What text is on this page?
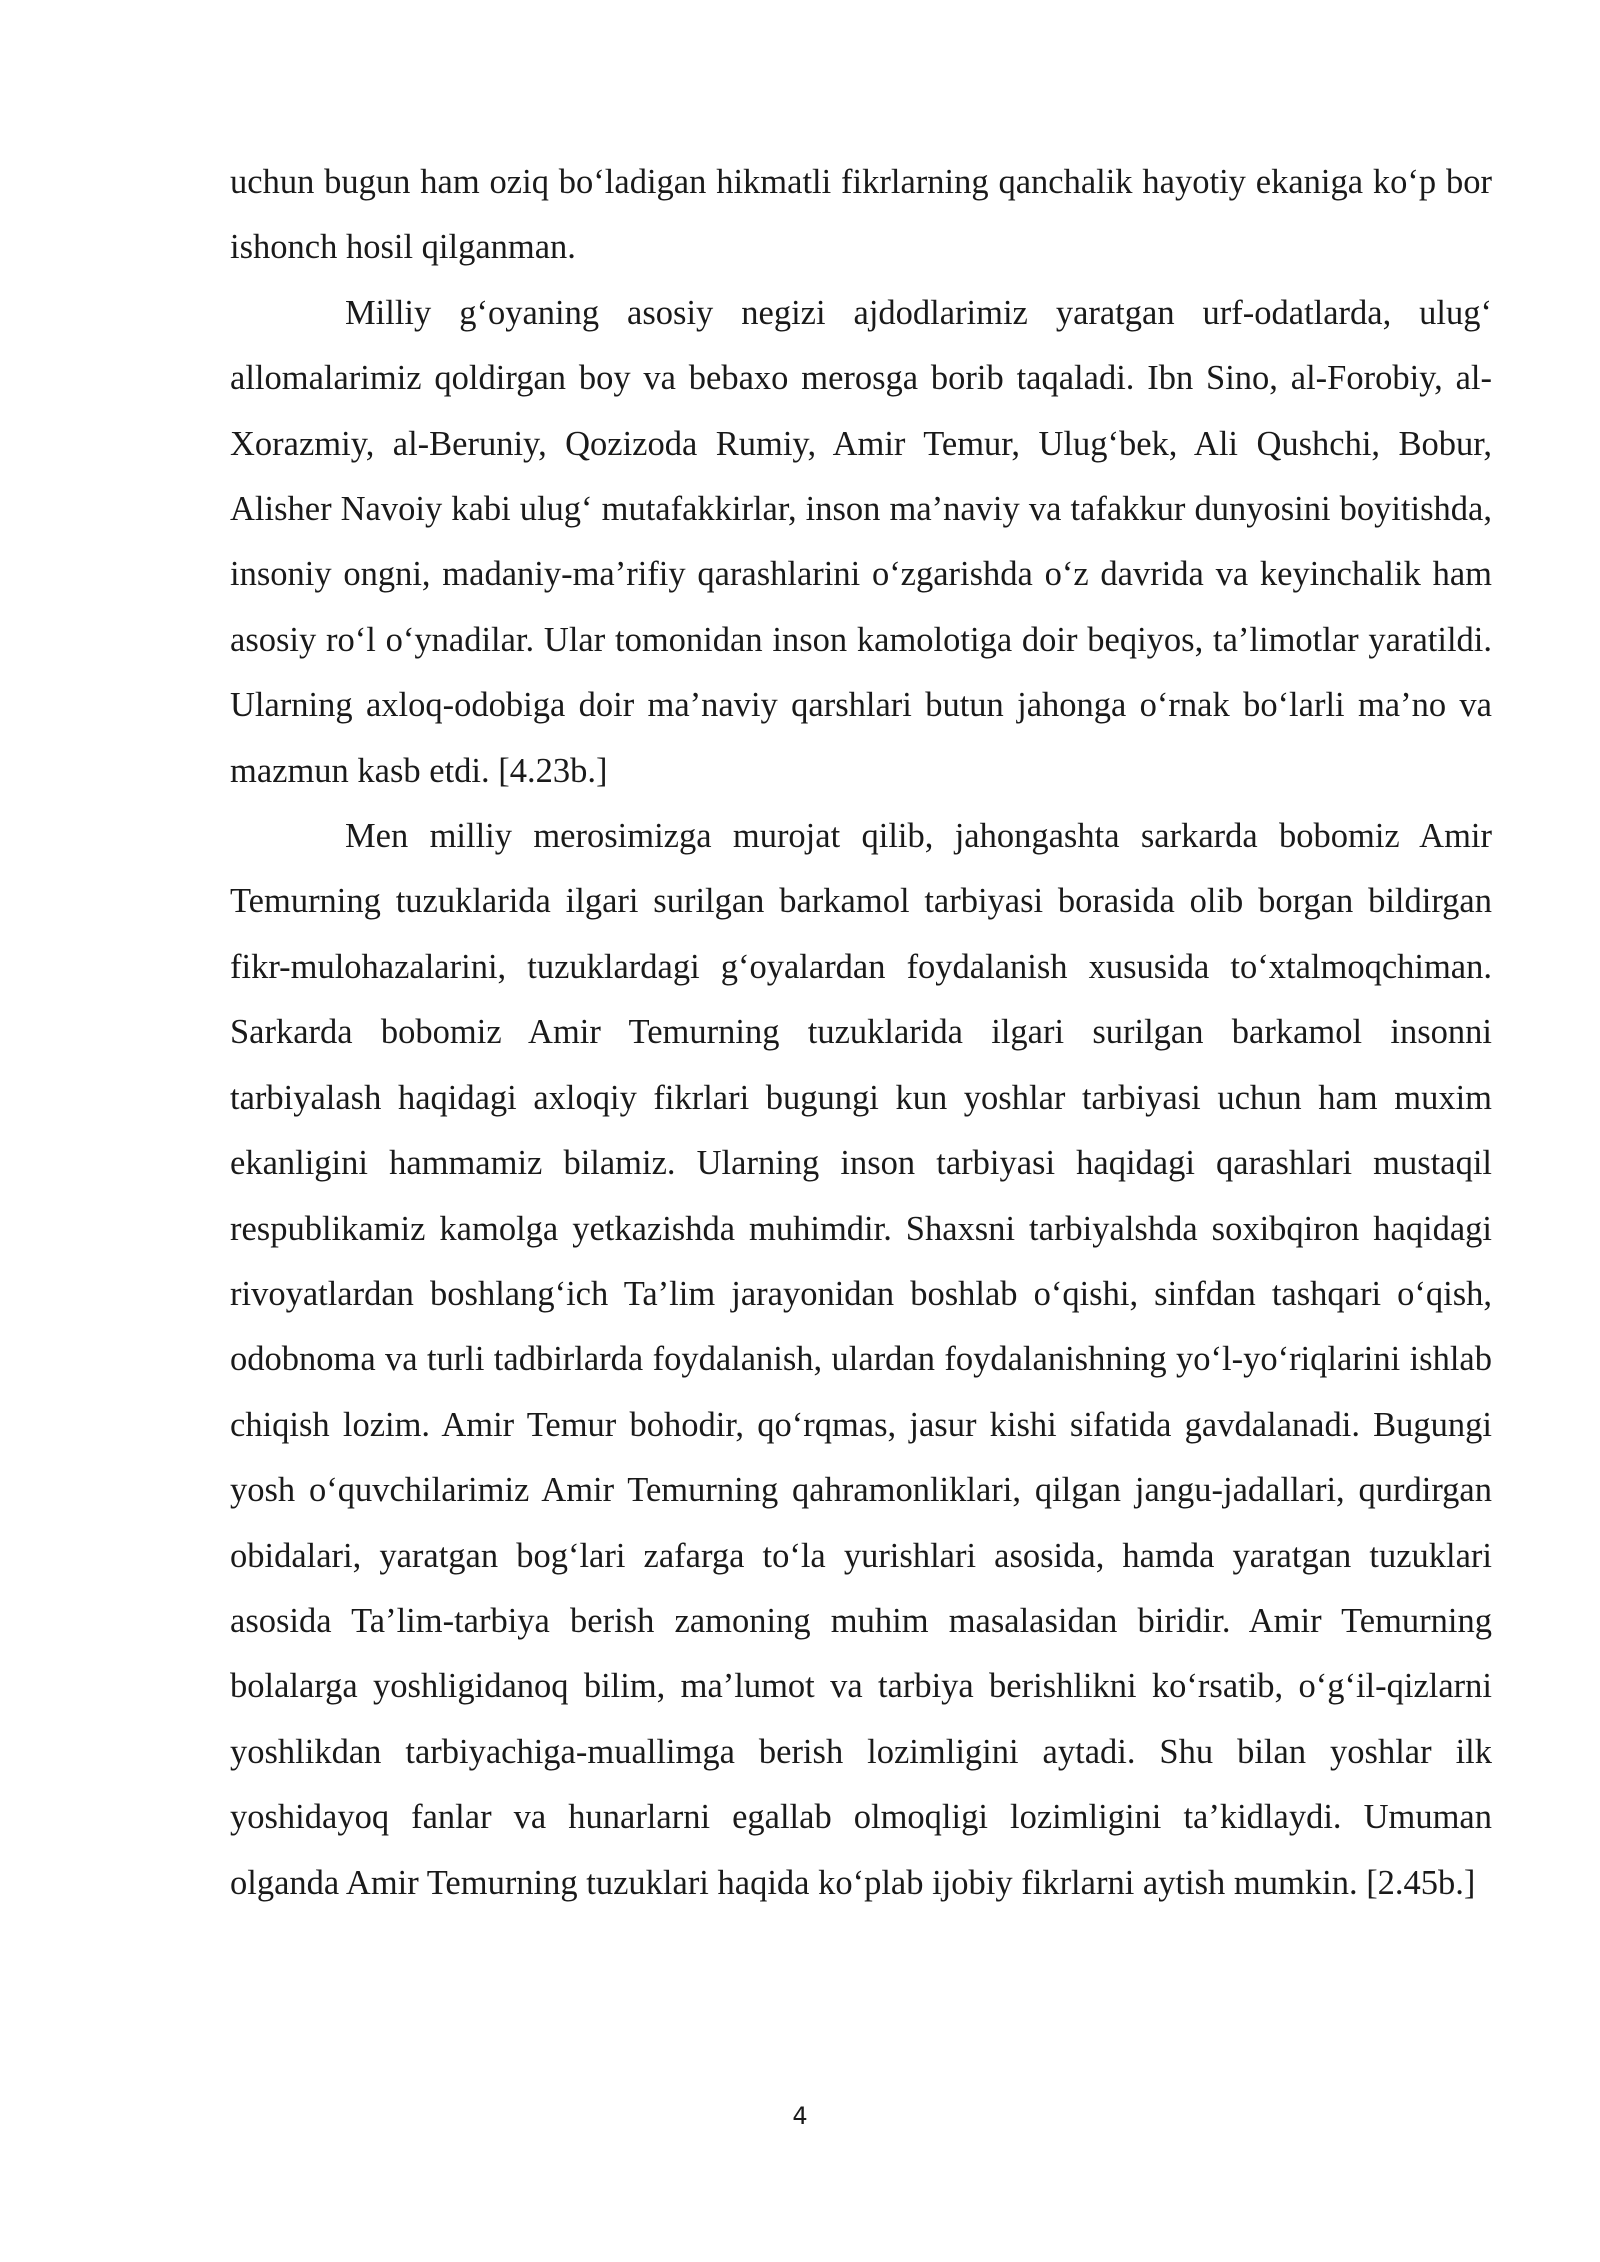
uchun bugun ham oziq bo‘ladigan hikmatli fikrlarning qanchalik hayotiy ekaniga ko‘p bor ishonch hosil qilganman.

Milliy g‘oyaning asosiy negizi ajdodlarimiz yaratgan urf-odatlarda, ulug‘ allomalarimiz qoldirgan boy va bebaxo merosga borib taqaladi. Ibn Sino, al-Forobiy, al-Xorazmiy, al-Beruniy, Qozizoda Rumiy, Amir Temur, Ulug‘bek, Ali Qushchi, Bobur, Alisher Navoiy kabi ulug‘ mutafakkirlar, inson ma’naviy va tafakkur dunyosini boyitishda, insoniy ongni, madaniy-ma’rifiy qarashlarini o‘zgarishda o‘z davrida va keyinchalik ham asosiy ro‘l o‘ynadilar. Ular tomonidan inson kamolotiga doir beqiyos, ta’limotlar yaratildi. Ularning axloq-odobiga doir ma’naviy qarshlari butun jahonga o‘rnak bo‘larli ma’no va mazmun kasb etdi. [4.23b.]

Men milliy merosimizga murojat qilib, jahongashta sarkarda bobomiz Amir Temurning tuzuklarida ilgari surilgan barkamol tarbiyasi borasida olib borgan bildirgan fikr-mulohazalarini, tuzuklardagi g‘oyalardan foydalanish xususida to‘xtalmoqchiman. Sarkarda bobomiz Amir Temurning tuzuklarida ilgari surilgan barkamol insonni tarbiyalash haqidagi axloqiy fikrlari bugungi kun yoshlar tarbiyasi uchun ham muxim ekanligini hammamiz bilamiz. Ularning inson tarbiyasi haqidagi qarashlari mustaqil respublikamiz kamolga yetkazishda muhimdir. Shaxsni tarbiyalshda soxibqiron haqidagi rivoyatlardan boshlang‘ich Ta’lim jarayonidan boshlab o‘qishi, sinfdan tashqari o‘qish, odobnoma va turli tadbirlarda foydalanish, ulardan foydalanishning yo‘l-yo‘riqlarini ishlab chiqish lozim. Amir Temur bohodir, qo‘rqmas, jasur kishi sifatida gavdalanadi. Bugungi yosh o‘quvchilarimiz Amir Temurning qahramonliklari, qilgan jangu-jadallari, qurdirgan obidalari, yaratgan bog‘lari zafarga to‘la yurishlari asosida, hamda yaratgan tuzuklari asosida Ta’lim-tarbiya berish zamoning muhim masalasidan biridir. Amir Temurning bolalarga yoshligidanoq bilim, ma’lumot va tarbiya berishlikni ko‘rsatib, o‘g‘il-qizlarni yoshlikdan tarbiyachiga-muallimga berish lozimligini aytadi. Shu bilan yoshlar ilk yoshidayoq fanlar va hunarlarni egallab olmoqligi lozimligini ta’kidlaydi. Umuman olganda Amir Temurning tuzuklari haqida ko‘plab ijobiy fikrlarni aytish mumkin. [2.45b.]

4
